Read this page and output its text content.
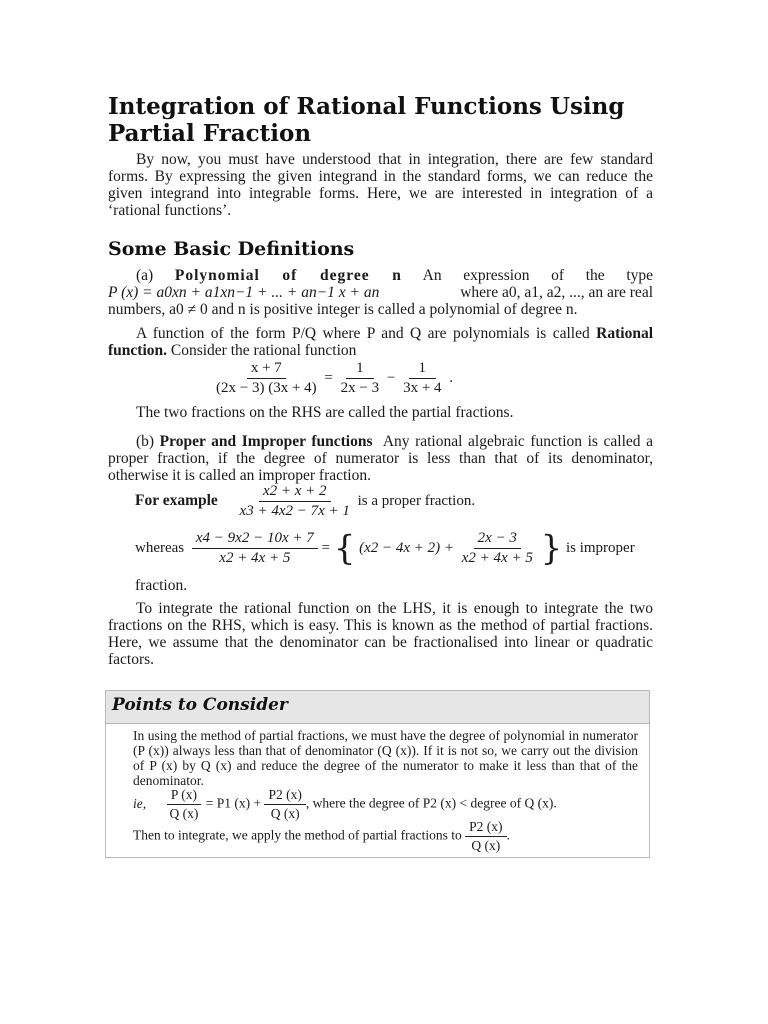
Integration of Rational Functions Using Partial Fraction

By now, you must have understood that in integration, there are few standard forms. By expressing the given integrand in the standard forms, we can reduce the given integrand into integrable forms. Here, we are interested in integration of a ‘rational functions’.

Some Basic Definitions
(a) Polynomial of degree n An expression of the type
P (x) = a0xn + a1xn−1 + ... + an−1 x + an	where a0, a1, a2, ..., an are real
numbers, a0 ≠ 0 and n is positive integer is called a polynomial of degree n.
A function of the form P/Q where P and Q are polynomials is called Rational function. Consider the rational function
$\frac{x + 7}{(2x - 3) (3x + 4)} = \frac{1}{2x - 3} - \frac{1}{3x + 4}$ .
The two fractions on the RHS are called the partial fractions.
(b) Proper and Improper functions Any rational algebraic function is called a proper fraction, if the degree of numerator is less than that of its denominator, otherwise it is called an improper fraction.
For example $\frac{x2 + x + 2}{x3 + 4x2 - 7x + 1}$ is a proper fraction.
whereas $\frac{x4 - 9x2 - 10x + 7}{x2 + 4x + 5}$ = { $(x2 - 4x + 2) + \frac{2x - 3}{x2 + 4x + 5}$ } is improper
fraction.
To integrate the rational function on the LHS, it is enough to integrate the two fractions on the RHS, which is easy. This is known as the method of partial fractions. Here, we assume that the denominator can be fractionalised into linear or quadratic factors.
Points to Consider
In using the method of partial fractions, we must have the degree of polynomial in numerator (P (x)) always less than that of denominator (Q (x)). If it is not so, we carry out the division of P (x) by Q (x) and reduce the degree of the numerator to make it less than that of the denominator.
ie, $\frac{P (x)}{Q (x)} = P1$ $(x) + \frac{P2 (x)}{Q (x)}$ , where the degree of P2 (x) < degree of Q (x).
Then to integrate, we apply the method of partial fractions to $\frac{P2 (x)}{Q (x)}$ .
